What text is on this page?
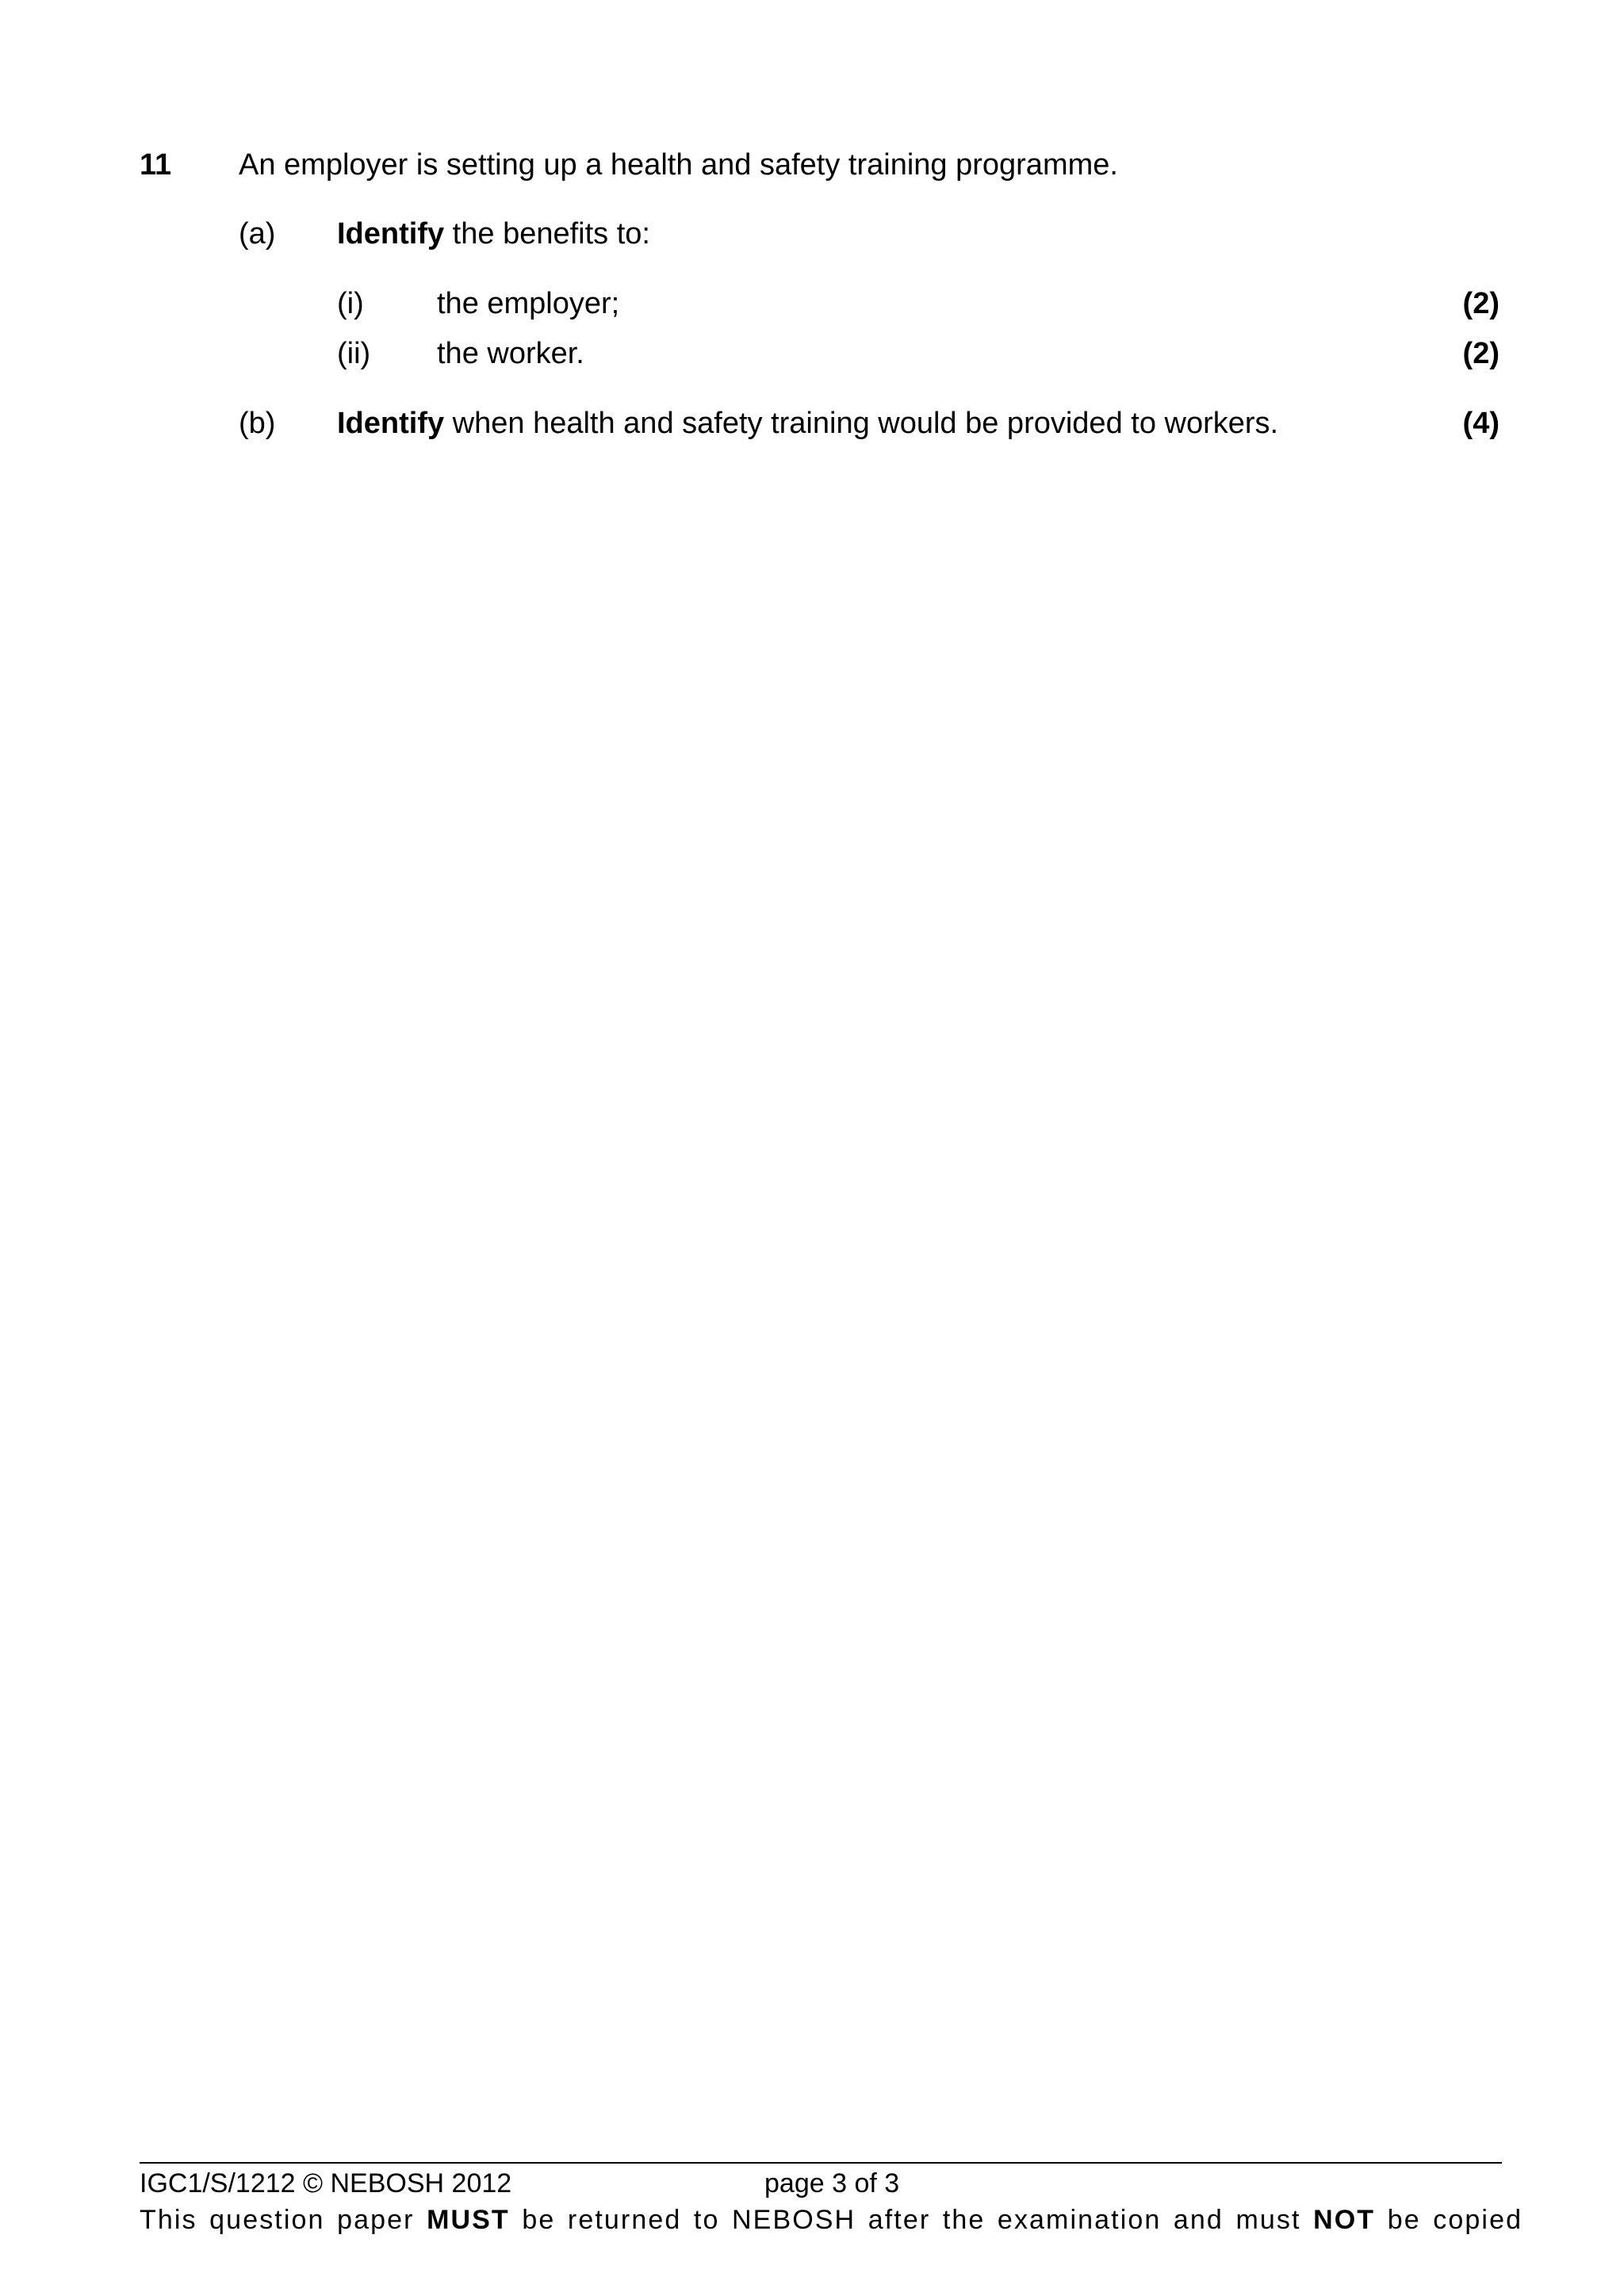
11 An employer is setting up a health and safety training programme.
(a) Identify the benefits to:
(i) the employer;	(2)
(ii) the worker.	(2)
(b) Identify when health and safety training would be provided to workers.	(4)
IGC1/S/1212 © NEBOSH 2012	page 3 of 3
This question paper MUST be returned to NEBOSH after the examination and must NOT be copied
